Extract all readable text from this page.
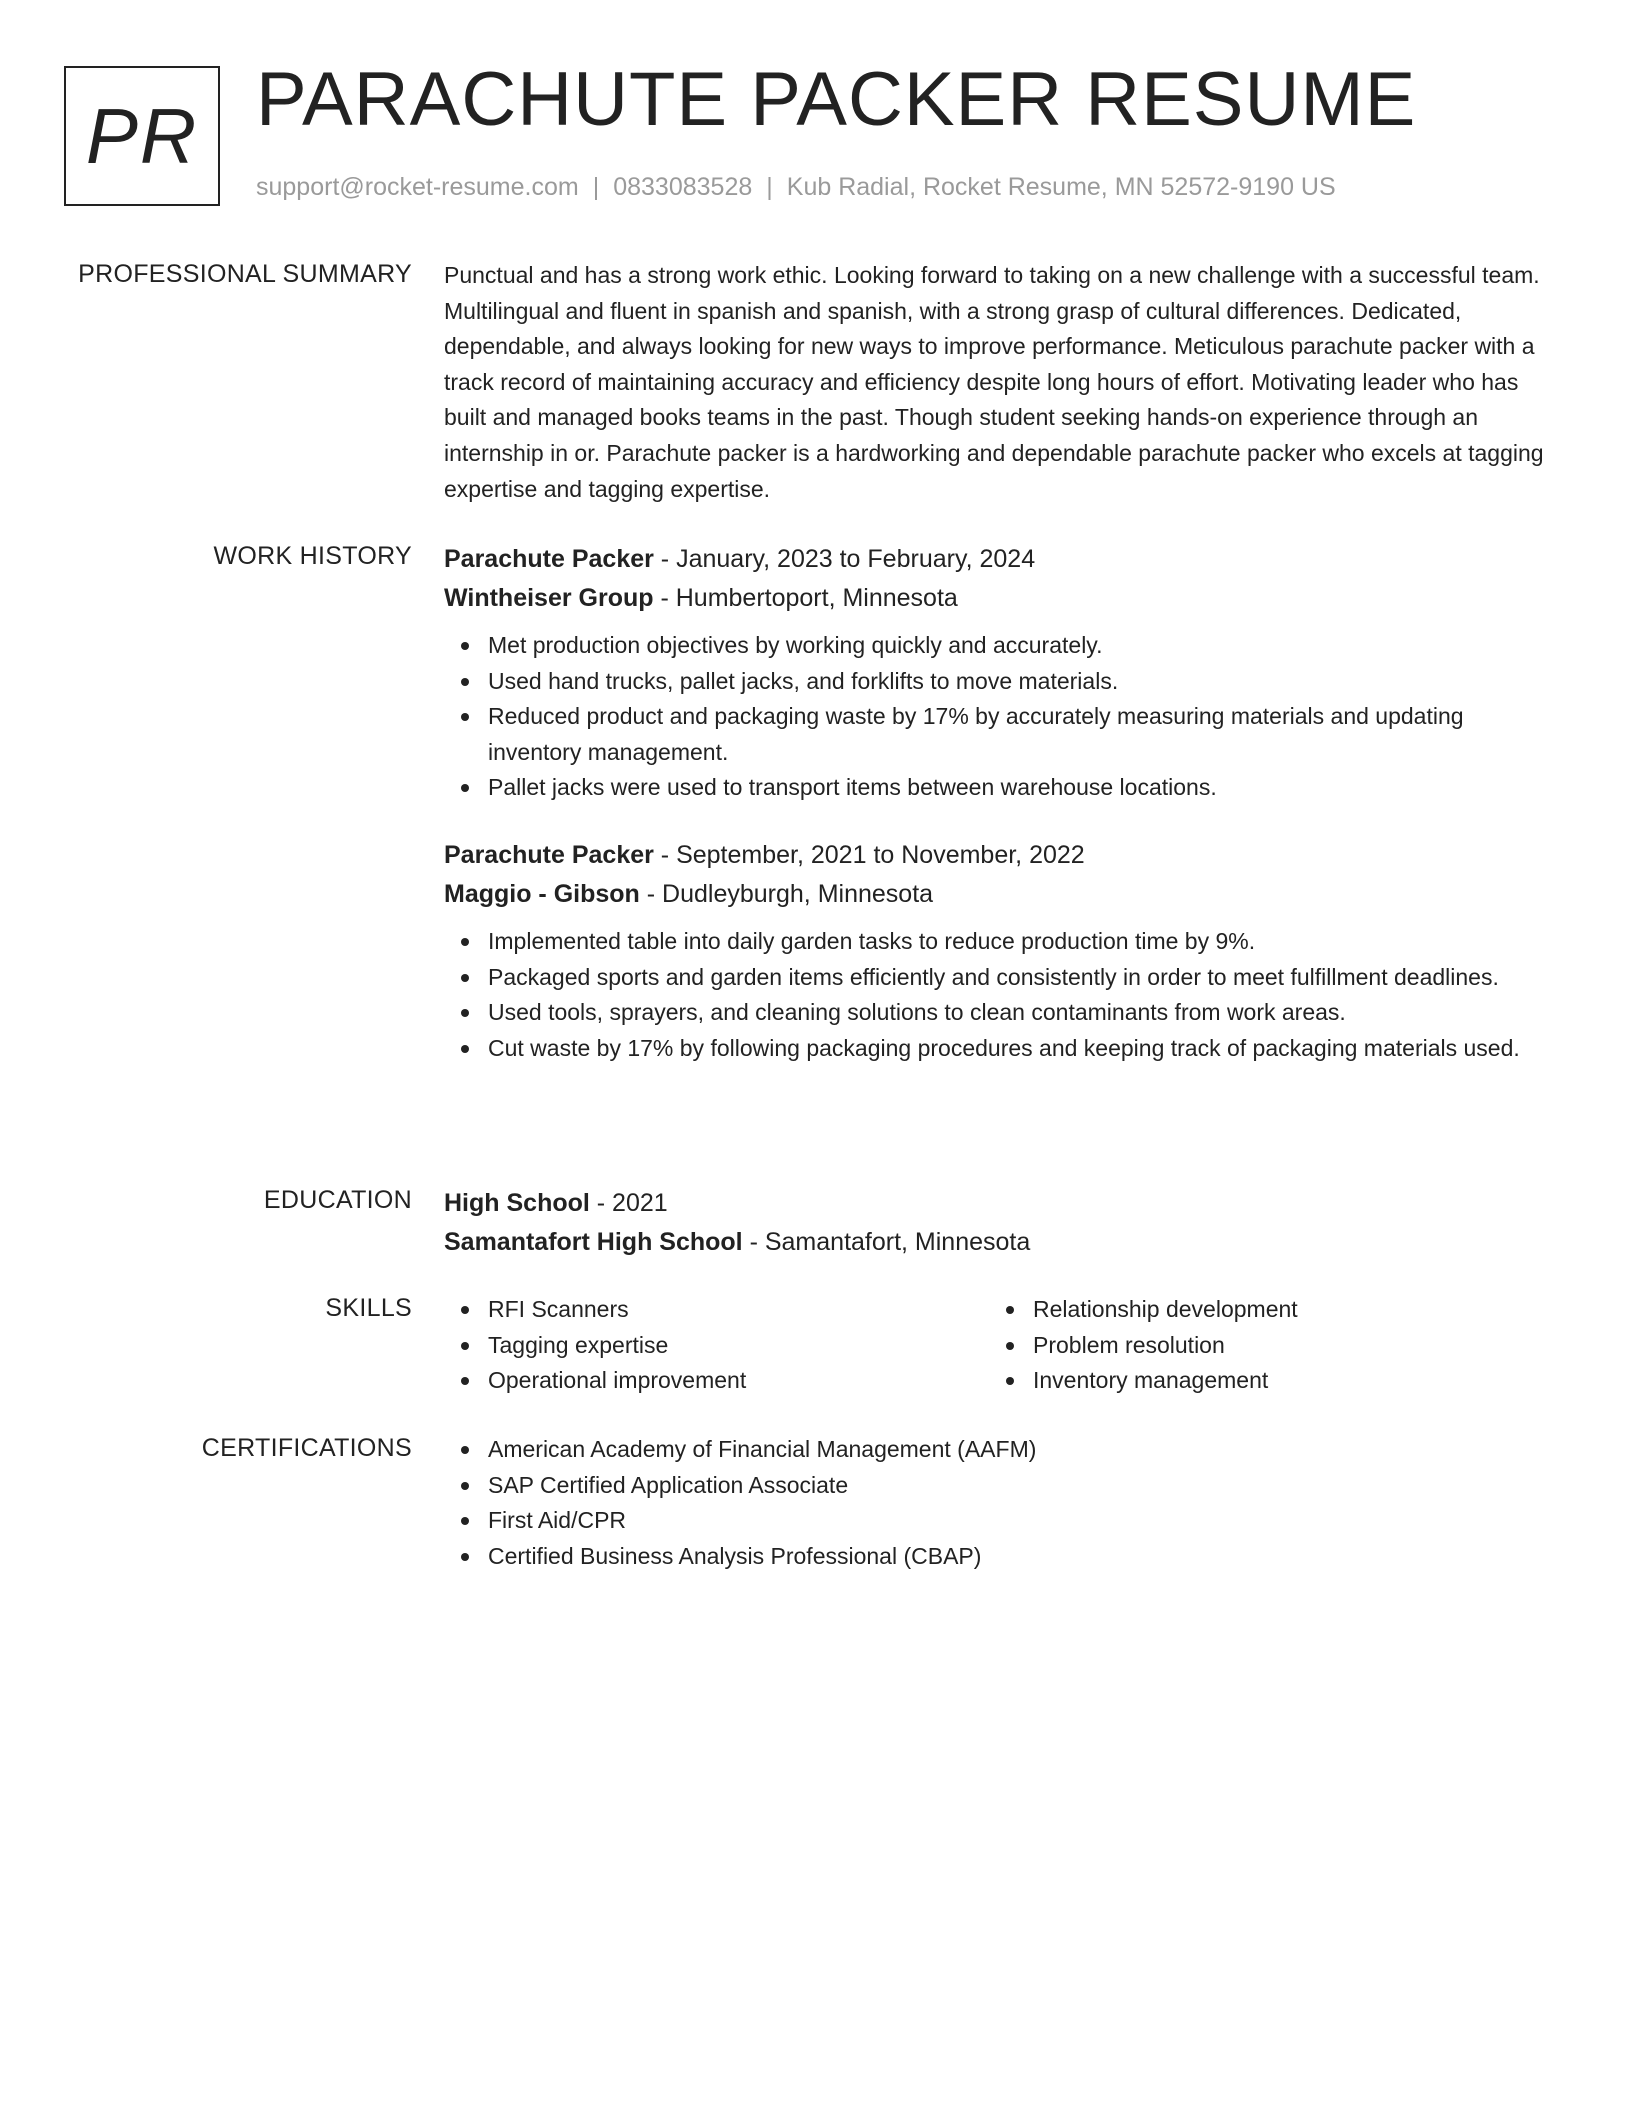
PR PARACHUTE PACKER RESUME
support@rocket-resume.com | 0833083528 | Kub Radial, Rocket Resume, MN 52572-9190 US
PROFESSIONAL SUMMARY Punctual and has a strong work ethic. Looking forward to taking on a new challenge with a successful team. Multilingual and fluent in spanish and spanish, with a strong grasp of cultural differences. Dedicated, dependable, and always looking for new ways to improve performance. Meticulous parachute packer with a track record of maintaining accuracy and efficiency despite long hours of effort. Motivating leader who has built and managed books teams in the past. Though student seeking hands-on experience through an internship in or. Parachute packer is a hardworking and dependable parachute packer who excels at tagging expertise and tagging expertise.

WORK HISTORY Parachute Packer - January, 2023 to February, 2024
Wintheiser Group - Humbertoport, Minnesota
Met production objectives by working quickly and accurately.
Used hand trucks, pallet jacks, and forklifts to move materials.
Reduced product and packaging waste by 17% by accurately measuring materials and updating inventory management.
Pallet jacks were used to transport items between warehouse locations.
Parachute Packer - September, 2021 to November, 2022
Maggio - Gibson - Dudleyburgh, Minnesota
Implemented table into daily garden tasks to reduce production time by 9%.
Packaged sports and garden items efficiently and consistently in order to meet fulfillment deadlines.
Used tools, sprayers, and cleaning solutions to clean contaminants from work areas.
Cut waste by 17% by following packaging procedures and keeping track of packaging materials used.
EDUCATION High School - 2021
Samantafort High School - Samantafort, Minnesota
SKILLS	RFI Scanners
Tagging expertise
Operational improvement
Relationship development
Problem resolution
Inventory management
CERTIFICATIONS	American Academy of Financial Management (AAFM)
SAP Certified Application Associate
First Aid/CPR
Certified Business Analysis Professional (CBAP)
